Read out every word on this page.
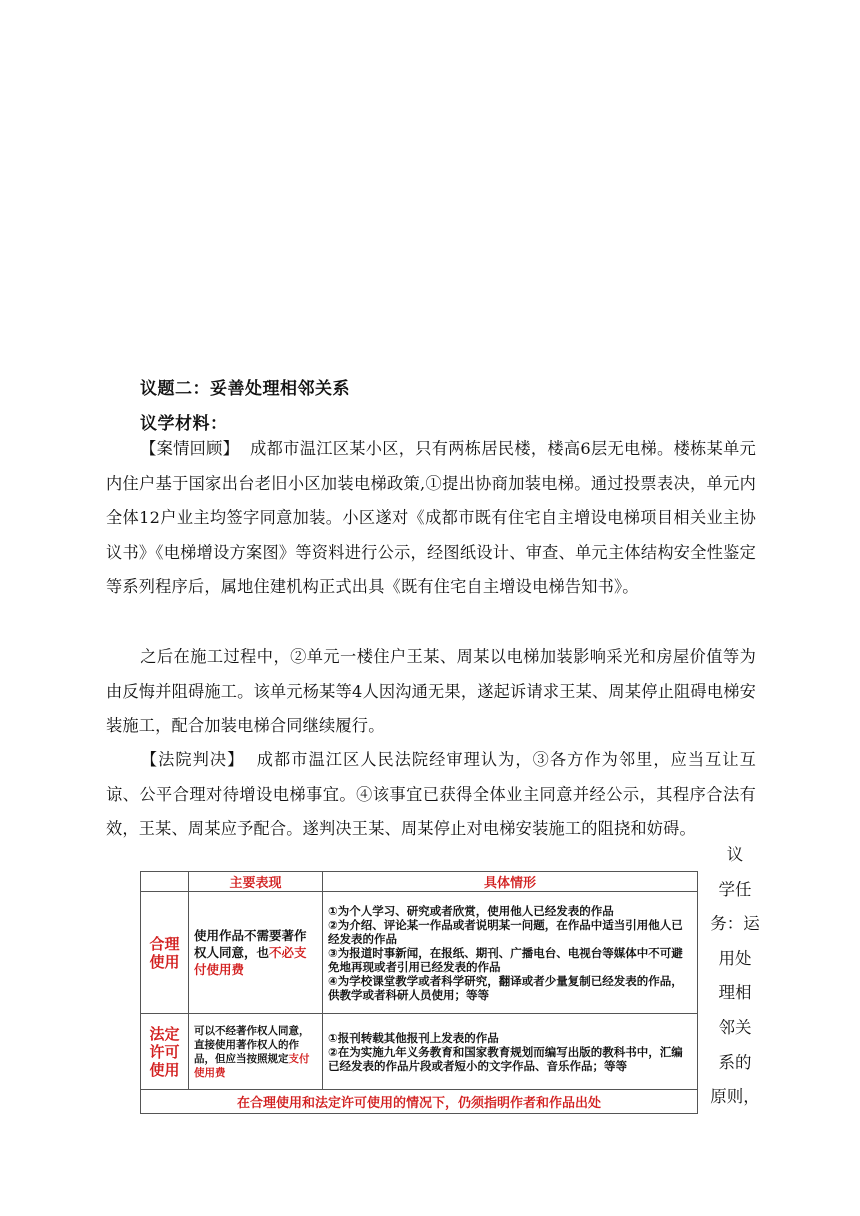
议题二：妥善处理相邻关系
议学材料：

【案情回顾】 成都市温江区某小区，只有两栋居民楼，楼高6层无电梯。楼栋某单元内住户基于国家出台老旧小区加装电梯政策,①提出协商加装电梯。通过投票表决，单元内全体12户业主均签字同意加装。小区遂对《成都市既有住宅自主增设电梯项目相关业主协议书》《电梯增设方案图》等资料进行公示，经图纸设计、审查、单元主体结构安全性鉴定等系列程序后，属地住建机构正式出具《既有住宅自主增设电梯告知书》。

之后在施工过程中，②单元一楼住户王某、周某以电梯加装影响采光和房屋价值等为由反悔并阻碍施工。该单元杨某等4人因沟通无果，遂起诉请求王某、周某停止阻碍电梯安装施工，配合加装电梯合同继续履行。

【法院判决】 成都市温江区人民法院经审理认为，③各方作为邻里，应当互让互谅、公平合理对待增设电梯事宜。④该事宜已获得全体业主同意并经公示，其程序合法有效，王某、周某应予配合。遂判决王某、周某停止对电梯安装施工的阻挠和妨碍。

	主要表现	具体情形
合理使用	使用作品不需要著作权人同意，也不必支付使用费	①为个人学习、研究或者欣赏，使用他人已经发表的作品
②为介绍、评论某一作品或者说明某一问题，在作品中适当引用他人已经发表的作品
③为报道时事新闻，在报纸、期刊、广播电台、电视台等媒体中不可避免地再现或者引用已经发表的作品
④为学校课堂教学或者科学研究，翻译或者少量复制已经发表的作品，供教学或者科研人员使用；等等

法定许可使用	可以不经著作权人同意，直接使用著作权人的作品，但应当按照规定支付使用费	①报刊转载其他报刊上发表的作品
②在为实施九年义务教育和国家教育规划而编写出版的教科书中，汇编已经发表的作品片段或者短小的文字作品、音乐作品；等等

在合理使用和法定许可使用的情况下，仍须指明作者和作品出处		
议
学任
务：运
用处
理相
邻关
系的
原则，
